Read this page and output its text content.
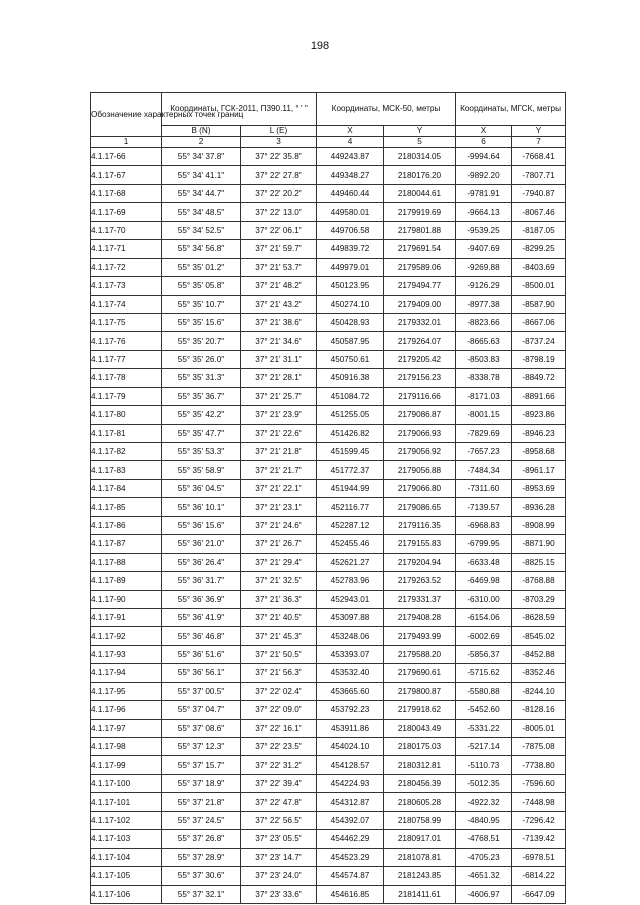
198
Обозначение характерных точек границ	Координаты, ГСК-2011, П390.11, ° ' "		Координаты, МСК-50, метры		Координаты, МГСК, метры	
	B (N)	L (E)	X	Y	X	Y
1	2	3	4	5	6	7
4.1.17-66	55° 34' 37.8"	37° 22' 35.8"	449243.87	2180314.05	-9994.64	-7668.41
4.1.17-67	55° 34' 41.1"	37° 22' 27.8"	449348.27	2180176.20	-9892.20	-7807.71
4.1.17-68	55° 34' 44.7"	37° 22' 20.2"	449460.44	2180044.61	-9781.91	-7940.87
4.1.17-69	55° 34' 48.5"	37° 22' 13.0"	449580.01	2179919.69	-9664.13	-8067.46
4.1.17-70	55° 34' 52.5"	37° 22' 06.1"	449706.58	2179801.88	-9539.25	-8187.05
4.1.17-71	55° 34' 56.8"	37° 21' 59.7"	449839.72	2179691.54	-9407.69	-8299.25
4.1.17-72	55° 35' 01.2"	37° 21' 53.7"	449979.01	2179589.06	-9269.88	-8403.69
4.1.17-73	55° 35' 05.8"	37° 21' 48.2"	450123.95	2179494.77	-9126.29	-8500.01
4.1.17-74	55° 35' 10.7"	37° 21' 43.2"	450274.10	2179409.00	-8977.38	-8587.90
4.1.17-75	55° 35' 15.6"	37° 21' 38.6"	450428.93	2179332.01	-8823.66	-8667.06
4.1.17-76	55° 35' 20.7"	37° 21' 34.6"	450587.95	2179264.07	-8665.63	-8737.24
4.1.17-77	55° 35' 26.0"	37° 21' 31.1"	450750.61	2179205.42	-8503.83	-8798.19
4.1.17-78	55° 35' 31.3"	37° 21' 28.1"	450916.38	2179156.23	-8338.78	-8849.72
4.1.17-79	55° 35' 36.7"	37° 21' 25.7"	451084.72	2179116.66	-8171.03	-8891.66
4.1.17-80	55° 35' 42.2"	37° 21' 23.9"	451255.05	2179086.87	-8001.15	-8923.86
4.1.17-81	55° 35' 47.7"	37° 21' 22.6"	451426.82	2179066.93	-7829.69	-8946.23
4.1.17-82	55° 35' 53.3"	37° 21' 21.8"	451599.45	2179056.92	-7657.23	-8958.68
4.1.17-83	55° 35' 58.9"	37° 21' 21.7"	451772.37	2179056.88	-7484.34	-8961.17
4.1.17-84	55° 36' 04.5"	37° 21' 22.1"	451944.99	2179066.80	-7311.60	-8953.69
4.1.17-85	55° 36' 10.1"	37° 21' 23.1"	452116.77	2179086.65	-7139.57	-8936.28
4.1.17-86	55° 36' 15.6"	37° 21' 24.6"	452287.12	2179116.35	-6968.83	-8908.99
4.1.17-87	55° 36' 21.0"	37° 21' 26.7"	452455.46	2179155.83	-6799.95	-8871.90
4.1.17-88	55° 36' 26.4"	37° 21' 29.4"	452621.27	2179204.94	-6633.48	-8825.15
4.1.17-89	55° 36' 31.7"	37° 21' 32.5"	452783.96	2179263.52	-6469.98	-8768.88
4.1.17-90	55° 36' 36.9"	37° 21' 36.3"	452943.01	2179331.37	-6310.00	-8703.29
4.1.17-91	55° 36' 41.9"	37° 21' 40.5"	453097.88	2179408.28	-6154.06	-8628.59
4.1.17-92	55° 36' 46.8"	37° 21' 45.3"	453248.06	2179493.99	-6002.69	-8545.02
4.1.17-93	55° 36' 51.6"	37° 21' 50.5"	453393.07	2179588.20	-5856.37	-8452.88
4.1.17-94	55° 36' 56.1"	37° 21' 56.3"	453532.40	2179690.61	-5715.62	-8352.46
4.1.17-95	55° 37' 00.5"	37° 22' 02.4"	453665.60	2179800.87	-5580.88	-8244.10
4.1.17-96	55° 37' 04.7"	37° 22' 09.0"	453792.23	2179918.62	-5452.60	-8128.16
4.1.17-97	55° 37' 08.6"	37° 22' 16.1"	453911.86	2180043.49	-5331.22	-8005.01
4.1.17-98	55° 37' 12.3"	37° 22' 23.5"	454024.10	2180175.03	-5217.14	-7875.08
4.1.17-99	55° 37' 15.7"	37° 22' 31.2"	454128.57	2180312.81	-5110.73	-7738.80
4.1.17-100	55° 37' 18.9"	37° 22' 39.4"	454224.93	2180456.39	-5012.35	-7596.60
4.1.17-101	55° 37' 21.8"	37° 22' 47.8"	454312.87	2180605.28	-4922.32	-7448.98
4.1.17-102	55° 37' 24.5"	37° 22' 56.5"	454392.07	2180758.99	-4840.95	-7296.42
4.1.17-103	55° 37' 26.8"	37° 23' 05.5"	454462.29	2180917.01	-4768.51	-7139.42
4.1.17-104	55° 37' 28.9"	37° 23' 14.7"	454523.29	2181078.81	-4705.23	-6978.51
4.1.17-105	55° 37' 30.6"	37° 23' 24.0"	454574.87	2181243.85	-4651.32	-6814.22
4.1.17-106	55° 37' 32.1"	37° 23' 33.6"	454616.85	2181411.61	-4606.97	-6647.09
